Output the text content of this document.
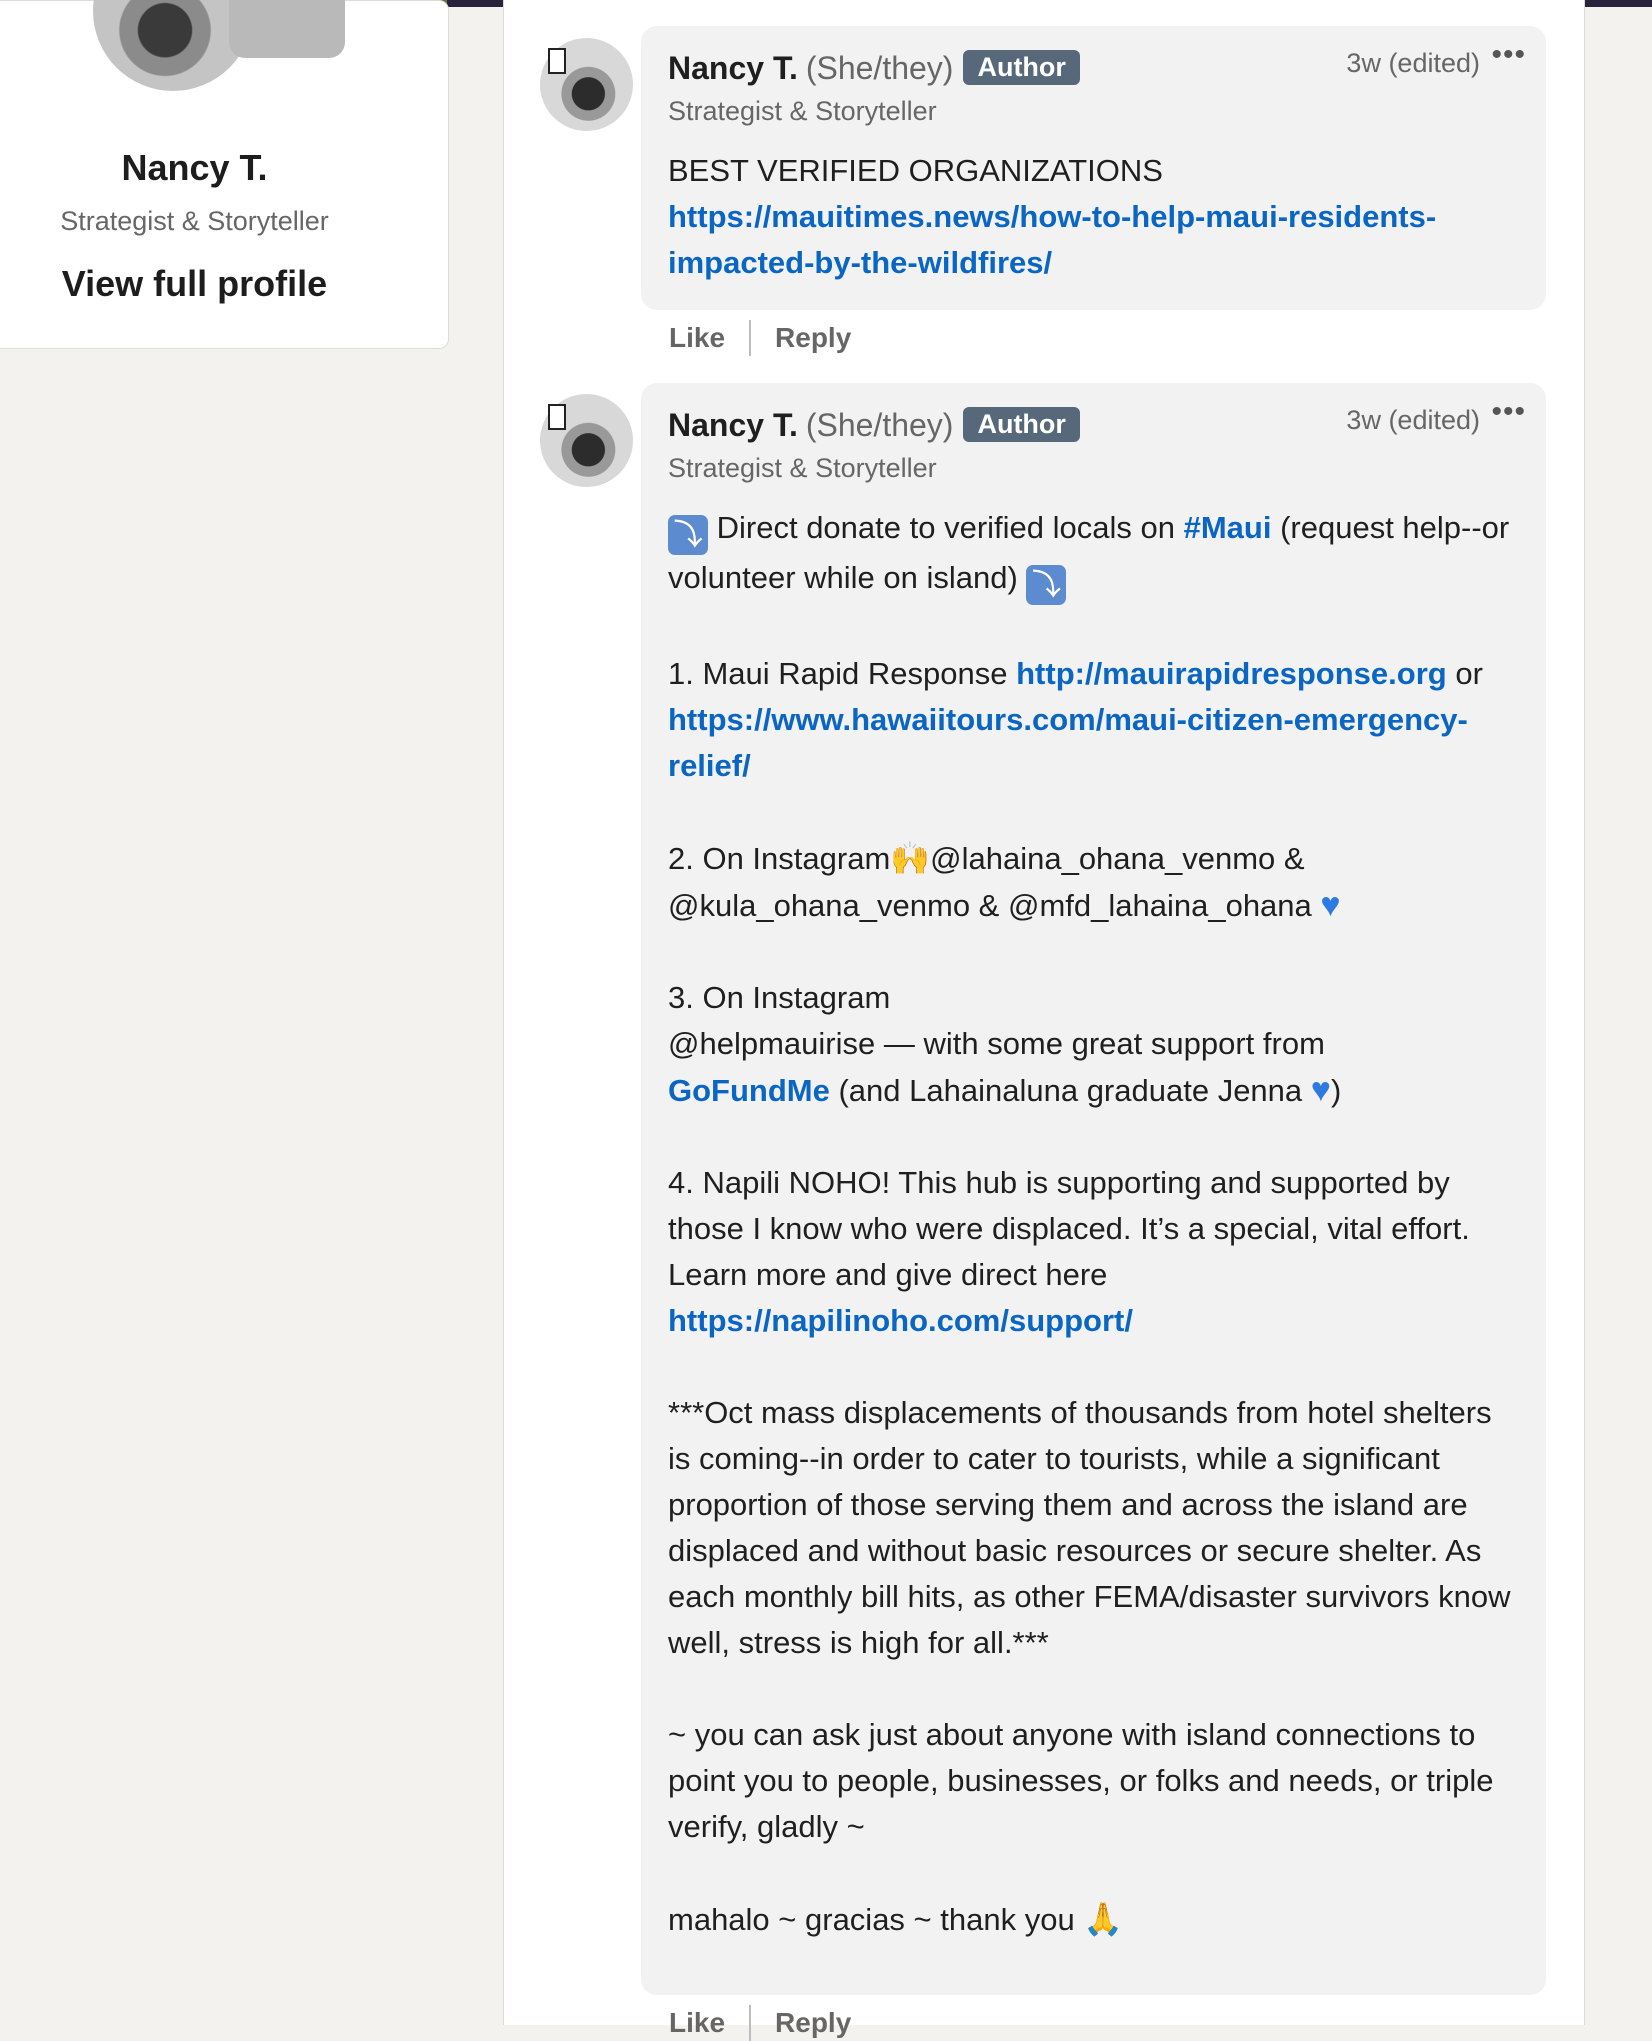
Nancy T.
Strategist & Storyteller
View full profile
Nancy T. (She/they) Author	3w (edited) •••
Strategist & Storyteller
BEST VERIFIED ORGANIZATIONS
https://mauitimes.news/how-to-help-maui-residents-impacted-by-the-wildfires/
Like Reply
Nancy T. (She/they) Author	3w (edited) •••
Strategist & Storyteller
⤵ Direct donate to verified locals on #Maui (request help--or volunteer while on island) ⤵
1. Maui Rapid Response http://mauirapidresponse.org or https://www.hawaiitours.com/maui-citizen-emergency-relief/
2. On Instagram🙌@lahaina_ohana_venmo & @kula_ohana_venmo & @mfd_lahaina_ohana ♥
3. On Instagram
@helpmauirise — with some great support from
GoFundMe (and Lahainaluna graduate Jenna ♥)
4. Napili NOHO! This hub is supporting and supported by those I know who were displaced. It’s a special, vital effort. Learn more and give direct here
https://napilinoho.com/support/
***Oct mass displacements of thousands from hotel shelters is coming--in order to cater to tourists, while a significant proportion of those serving them and across the island are displaced and without basic resources or secure shelter. As each monthly bill hits, as other FEMA/disaster survivors know well, stress is high for all.***
~ you can ask just about anyone with island connections to point you to people, businesses, or folks and needs, or triple verify, gladly ~
mahalo ~ gracias ~ thank you 🙏
Like Reply
